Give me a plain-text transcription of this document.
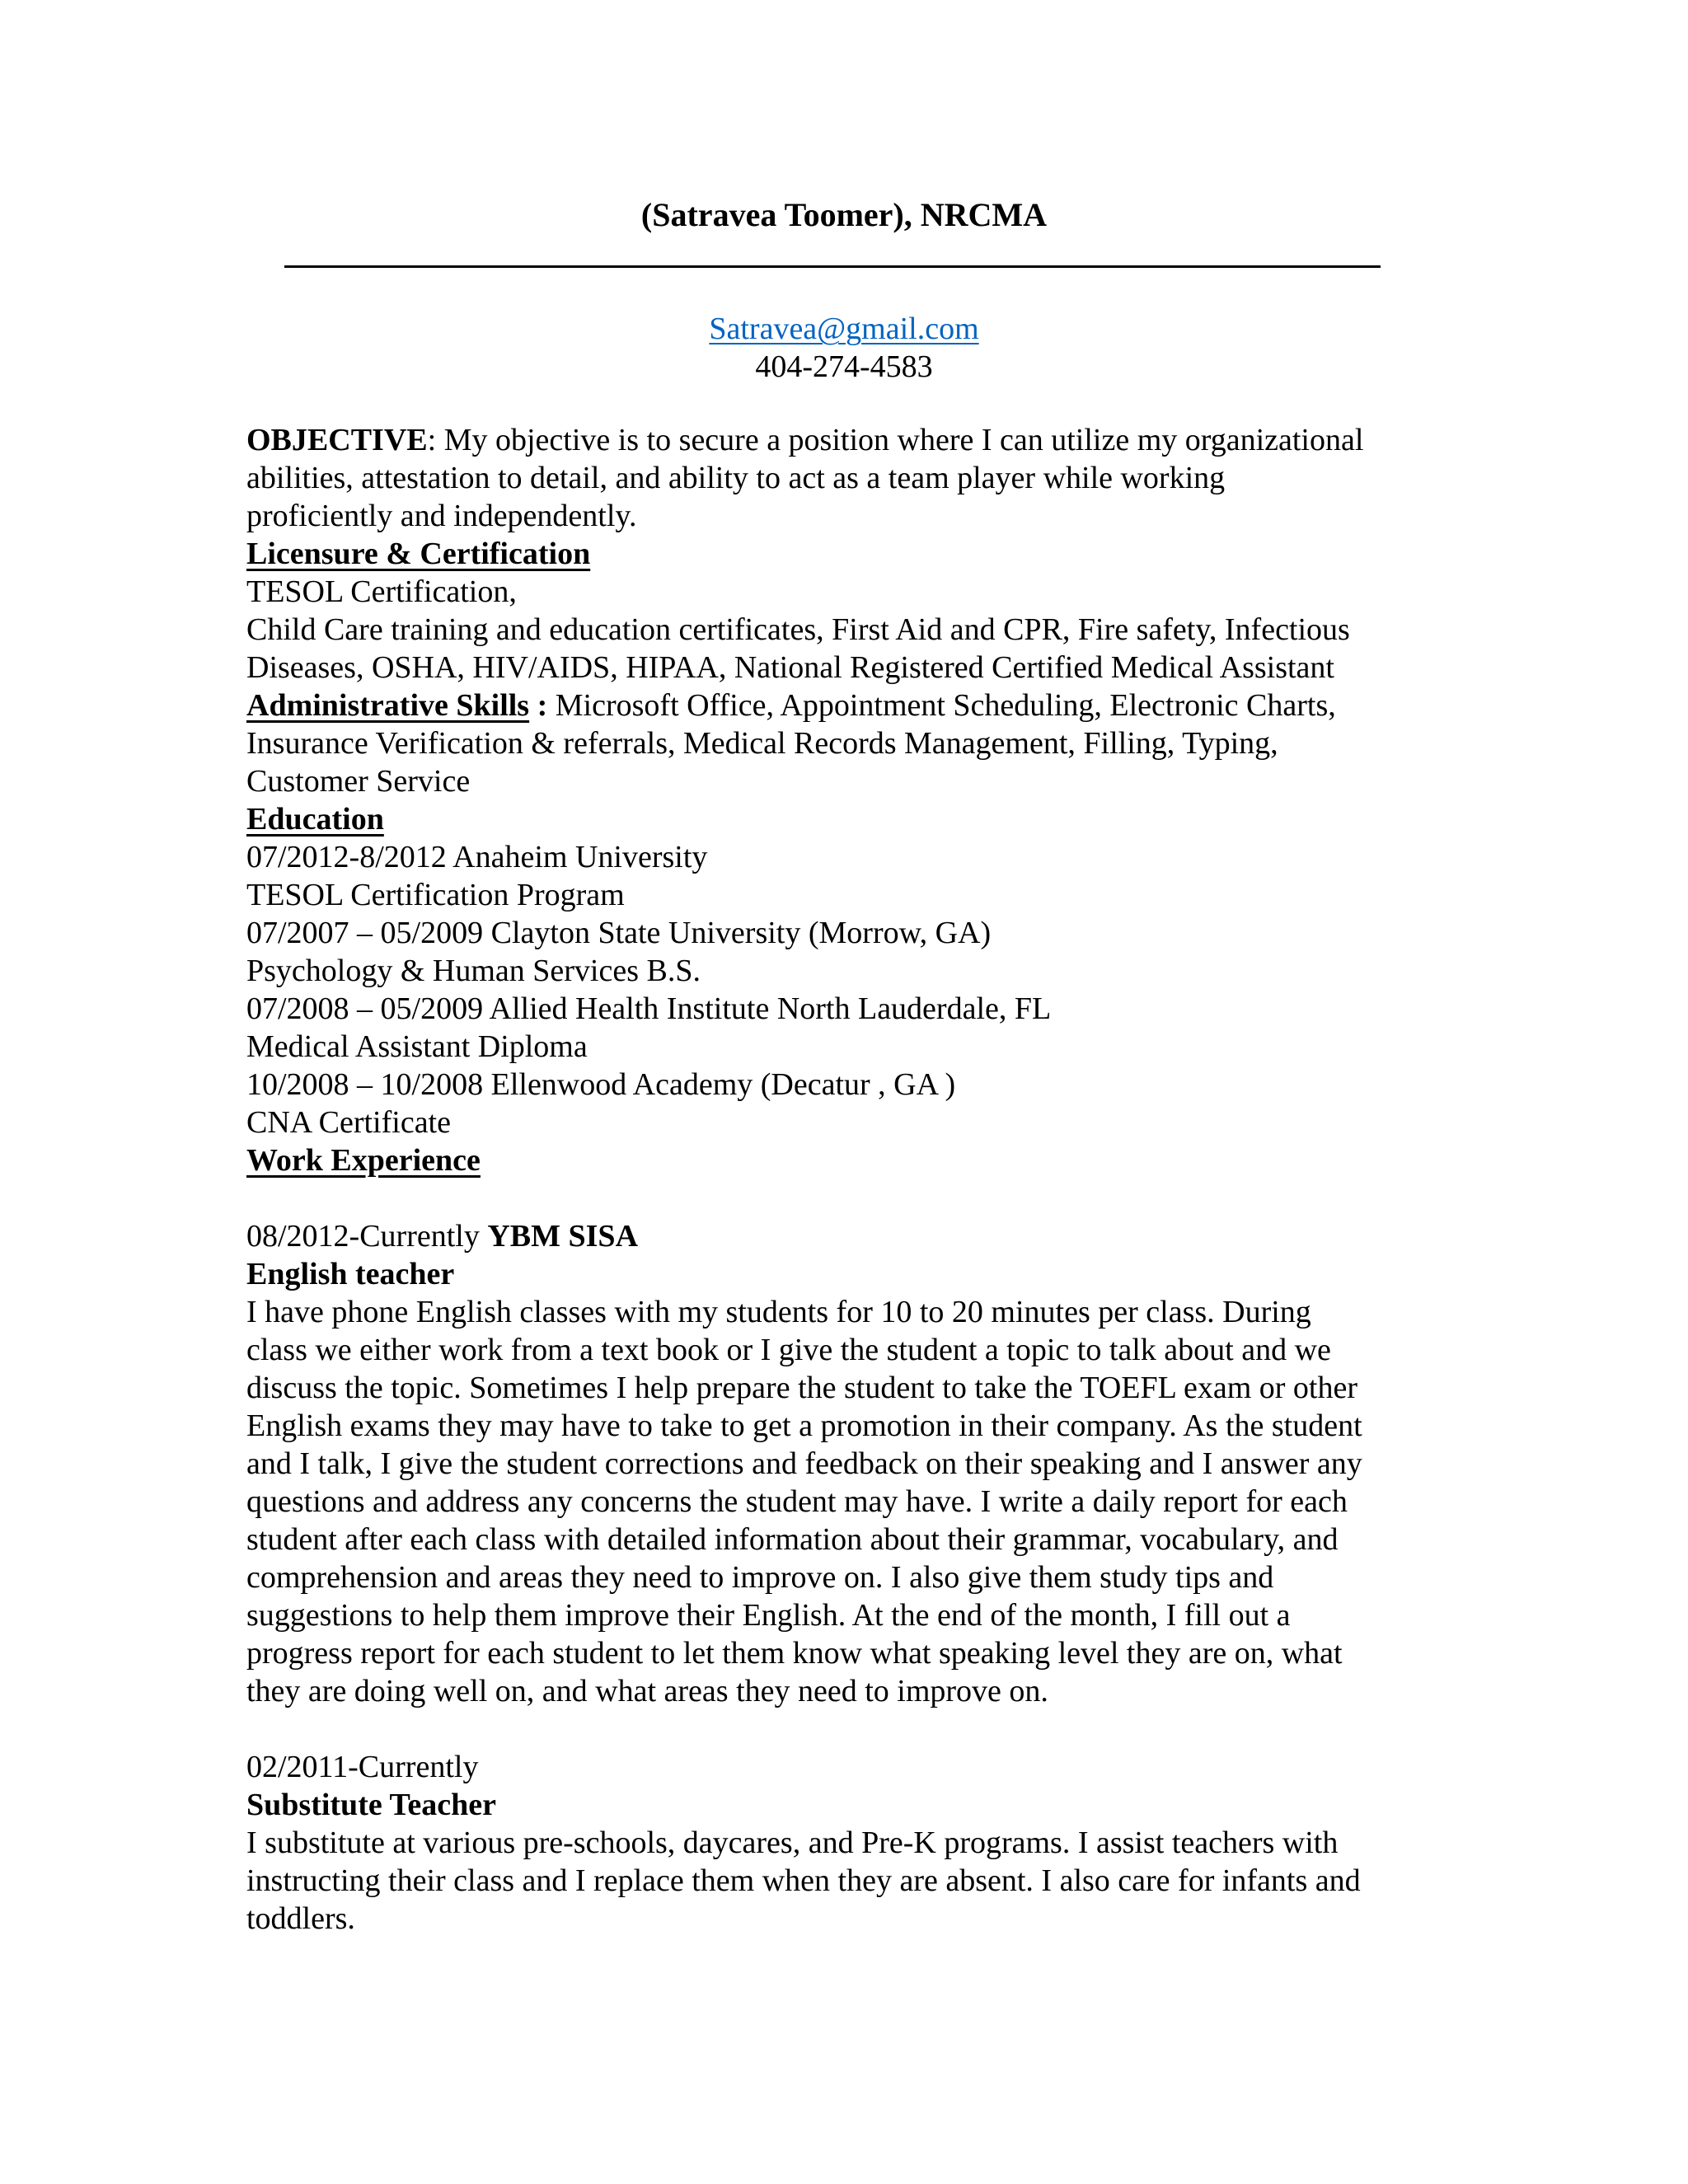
(Satravea Toomer), NRCMA
Satravea@gmail.com
404-274-4583
OBJECTIVE: My objective is to secure a position where I can utilize my organizational
abilities, attestation to detail, and ability to act as a team player while working
proficiently and independently.
Licensure & Certification
TESOL Certification,
Child Care training and education certificates, First Aid and CPR, Fire safety, Infectious
Diseases, OSHA, HIV/AIDS, HIPAA, National Registered Certified Medical Assistant
Administrative Skills : Microsoft Office, Appointment Scheduling, Electronic Charts,
Insurance Verification & referrals, Medical Records Management, Filling, Typing,
Customer Service
Education
07/2012-8/2012 Anaheim University
TESOL Certification Program
07/2007 – 05/2009 Clayton State University (Morrow, GA)
Psychology & Human Services B.S.
07/2008 – 05/2009 Allied Health Institute North Lauderdale, FL
Medical Assistant Diploma
10/2008 – 10/2008 Ellenwood Academy (Decatur , GA )
CNA Certificate
Work Experience
08/2012-Currently YBM SISA
English teacher
I have phone English classes with my students for 10 to 20 minutes per class. During
class we either work from a text book or I give the student a topic to talk about and we
discuss the topic. Sometimes I help prepare the student to take the TOEFL exam or other
English exams they may have to take to get a promotion in their company. As the student
and I talk, I give the student corrections and feedback on their speaking and I answer any
questions and address any concerns the student may have. I write a daily report for each
student after each class with detailed information about their grammar, vocabulary, and
comprehension and areas they need to improve on. I also give them study tips and
suggestions to help them improve their English. At the end of the month, I fill out a
progress report for each student to let them know what speaking level they are on, what
they are doing well on, and what areas they need to improve on.
02/2011-Currently
Substitute Teacher
I substitute at various pre-schools, daycares, and Pre-K programs. I assist teachers with
instructing their class and I replace them when they are absent. I also care for infants and
toddlers.
